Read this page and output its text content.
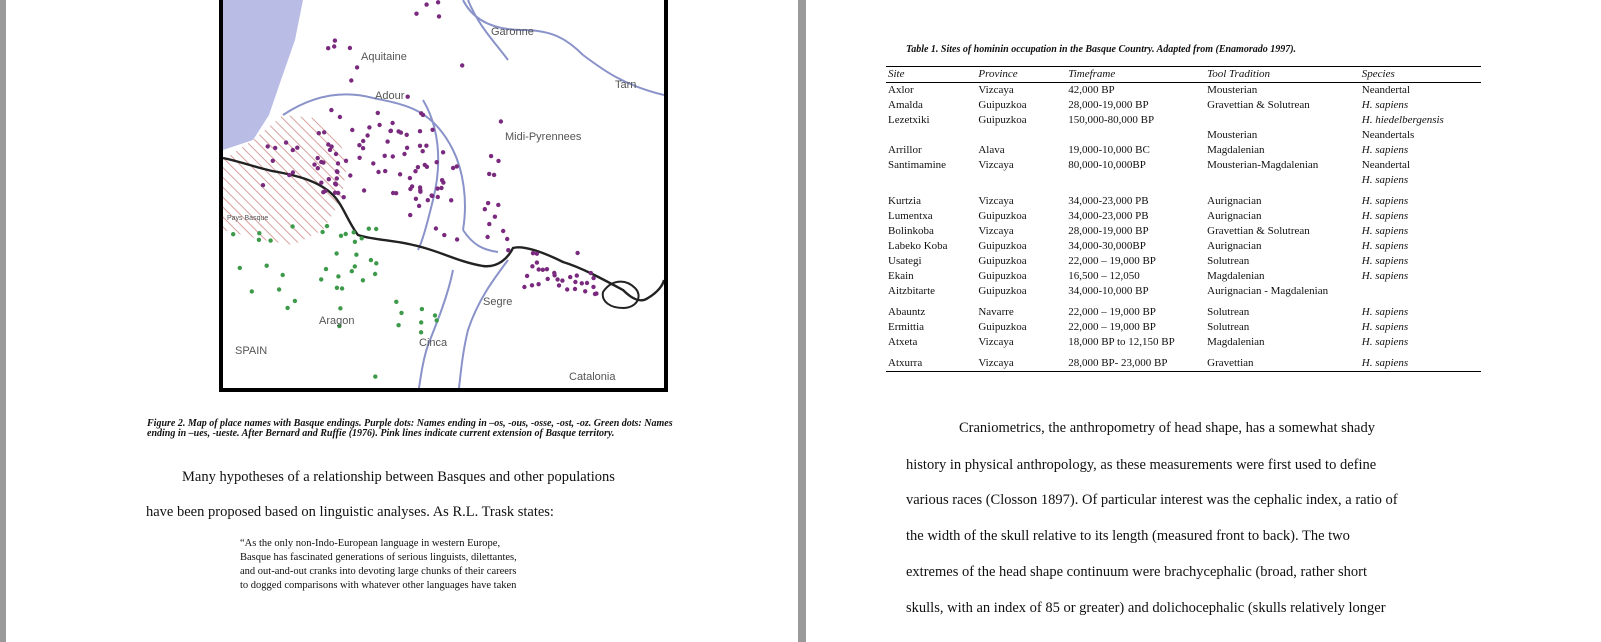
Garonne
Aquitaine
Tarn
Adour
Midi-Pyrennees
Pays Basque
Aragon
Segre
Cinca
SPAIN
Catalonia
Figure 2. Map of place names with Basque endings. Purple dots: Names ending in –os, -ous, -osse, -ost, -oz. Green dots: Names ending in –ues, -ueste. After Bernard and Ruffie (1976). Pink lines indicate current extension of Basque territory.
Many hypotheses of a relationship between Basques and other populations
have been proposed based on linguistic analyses. As R.L. Trask states:
“As the only non-Indo-European language in western Europe,
Basque has fascinated generations of serious linguists, dilettantes,
and out-and-out cranks into devoting large chunks of their careers
to dogged comparisons with whatever other languages have taken
Table 1. Sites of hominin occupation in the Basque Country. Adapted from (Enamorado 1997).
Site	Province	Timeframe	Tool Tradition	Species
Axlor	Vizcaya	42,000 BP	Mousterian	Neandertal
Amalda	Guipuzkoa	28,000-19,000 BP	Gravettian & Solutrean	H. sapiens
Lezetxiki	Guipuzkoa	150,000-80,000 BP		H. hiedelbergensis
			Mousterian	Neandertals
Arrillor	Alava	19,000-10,000 BC	Magdalenian	H. sapiens
Santimamine	Vizcaya	80,000-10,000BP	Mousterian-Magdalenian	Neandertal
				H. sapiens

Kurtzia	Vizcaya	34,000-23,000 PB	Aurignacian	H. sapiens
Lumentxa	Guipuzkoa	34,000-23,000 PB	Aurignacian	H. sapiens
Bolinkoba	Vizcaya	28,000-19,000 BP	Gravettian & Solutrean	H. sapiens
Labeko Koba	Guipuzkoa	34,000-30,000BP	Aurignacian	H. sapiens
Usategi	Guipuzkoa	22,000 – 19,000 BP	Solutrean	H. sapiens
Ekain	Guipuzkoa	16,500 – 12,050	Magdalenian	H. sapiens
Aitzbitarte	Guipuzkoa	34,000-10,000 BP	Aurignacian - Magdalenian	

Abauntz	Navarre	22,000 – 19,000 BP	Solutrean	H. sapiens
Ermittia	Guipuzkoa	22,000 – 19,000 BP	Solutrean	H. sapiens
Atxeta	Vizcaya	18,000 BP to 12,150 BP	Magdalenian	H. sapiens

Atxurra	Vizcaya	28,000 BP- 23,000 BP	Gravettian	H. sapiens
Craniometrics, the anthropometry of head shape, has a somewhat shady
history in physical anthropology, as these measurements were first used to define
various races (Closson 1897). Of particular interest was the cephalic index, a ratio of
the width of the skull relative to its length (measured front to back). The two
extremes of the head shape continuum were brachycephalic (broad, rather short
skulls, with an index of 85 or greater) and dolichocephalic (skulls relatively longer
